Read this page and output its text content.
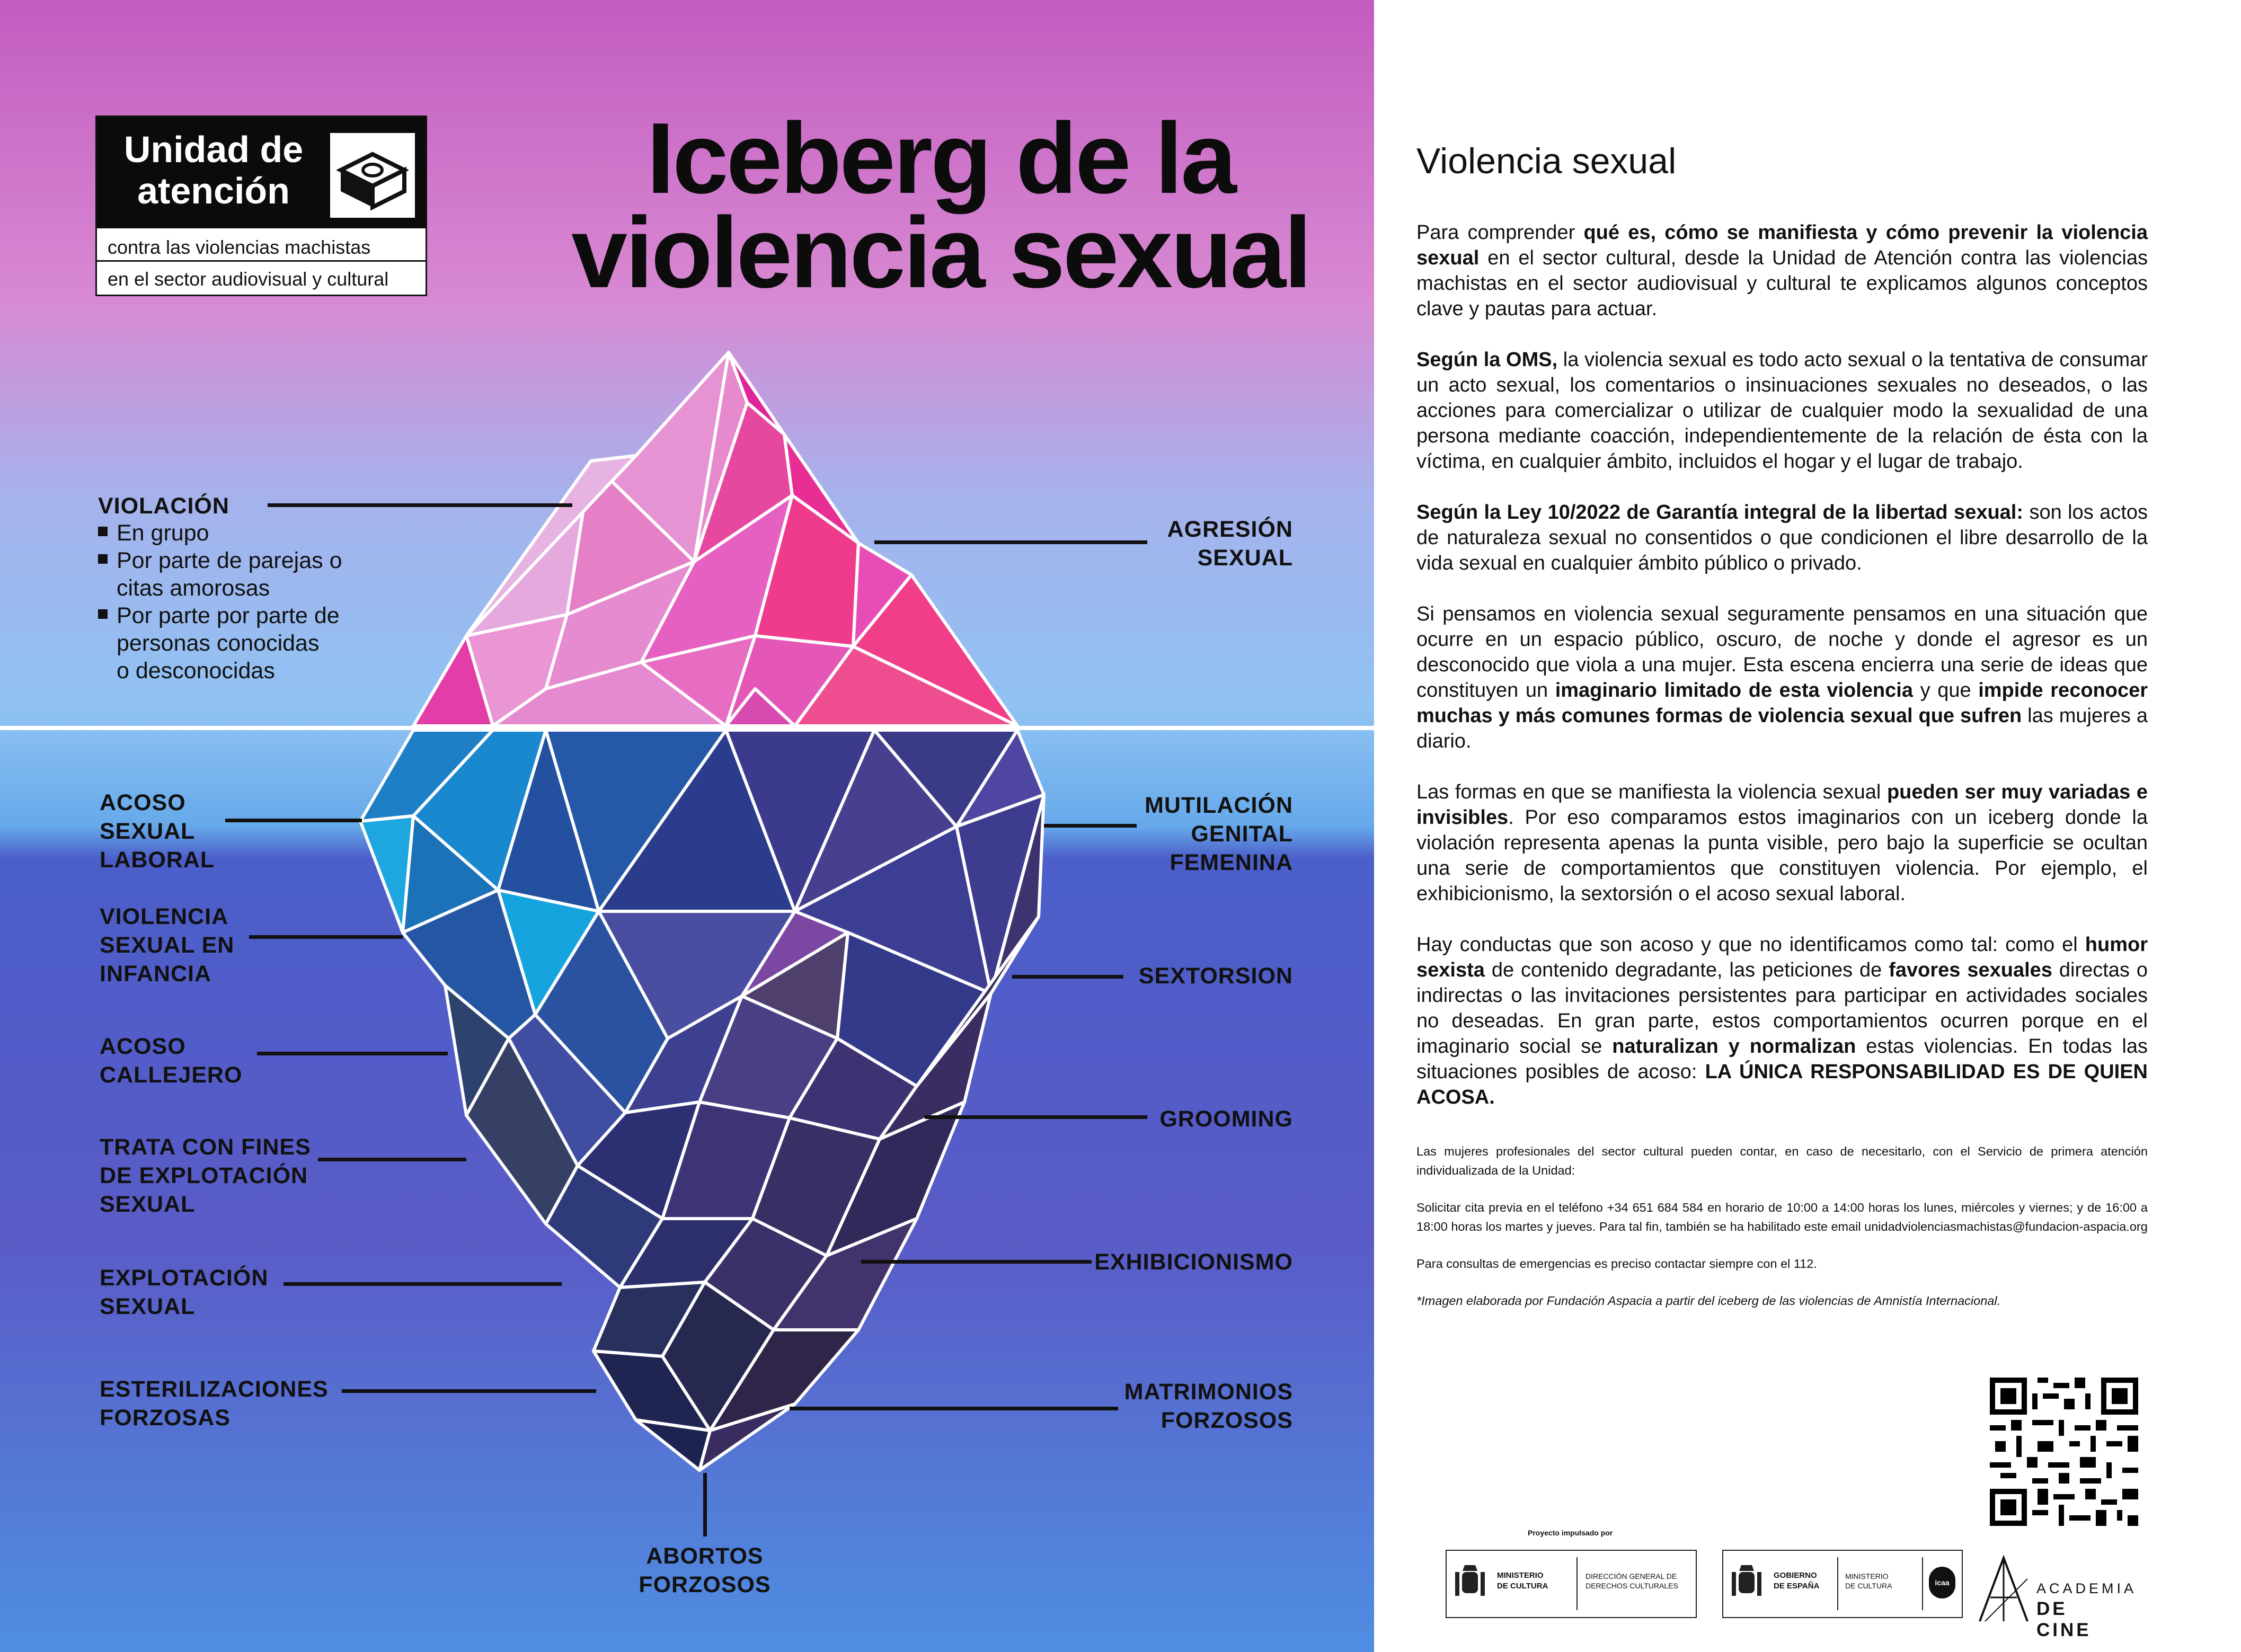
Unidad de
atención
contra las violencias machistas
en el sector audiovisual y cultural
Iceberg de la
violencia sexual
VIOLACIÓN
En grupo
Por parte de parejas o
citas amorosas
Por parte por parte de
personas conocidas
o desconocidas
AGRESIÓN
SEXUAL
ACOSO
SEXUAL
LABORAL
VIOLENCIA
SEXUAL EN
INFANCIA
ACOSO
CALLEJERO
TRATA CON FINES
DE EXPLOTACIÓN
SEXUAL
EXPLOTACIÓN
SEXUAL
ESTERILIZACIONES
FORZOSAS
MUTILACIÓN
GENITAL
FEMENINA
SEXTORSION
GROOMING
EXHIBICIONISMO
MATRIMONIOS
FORZOSOS
ABORTOS
FORZOSOS
Violencia sexual

Para comprender qué es, cómo se manifiesta y cómo prevenir la violencia sexual en el sector cultural, desde la Unidad de Atención contra las violencias machistas en el sector audiovisual y cultural te explicamos algunos conceptos clave y pautas para actuar.

Según la OMS, la violencia sexual es todo acto sexual o la tentativa de consumar un acto sexual, los comentarios o insinuaciones sexuales no deseados, o las acciones para comercializar o utilizar de cualquier modo la sexualidad de una persona mediante coacción, independientemente de la relación de ésta con la víctima, en cualquier ámbito, incluidos el hogar y el lugar de trabajo.

Según la Ley 10/2022 de Garantía integral de la libertad sexual: son los actos de naturaleza sexual no consentidos o que condicionen el libre desarrollo de la vida sexual en cualquier ámbito público o privado.

Si pensamos en violencia sexual seguramente pensamos en una situación que ocurre en un espacio público, oscuro, de noche y donde el agresor es un desconocido que viola a una mujer. Esta escena encierra una serie de ideas que constituyen un imaginario limitado de esta violencia y que impide reconocer muchas y más comunes formas de violencia sexual que sufren las mujeres a diario.

Las formas en que se manifiesta la violencia sexual pueden ser muy variadas e invisibles. Por eso comparamos estos imaginarios con un iceberg donde la violación representa apenas la punta visible, pero bajo la superficie se ocultan una serie de comportamientos que constituyen violencia. Por ejemplo, el exhibicionismo, la sextorsión o el acoso sexual laboral.

Hay conductas que son acoso y que no identificamos como tal: como el humor sexista de contenido degradante, las peticiones de favores sexuales directas o indirectas o las invitaciones persistentes para participar en actividades sociales no deseadas. En gran parte, estos comportamientos ocurren porque en el imaginario social se naturalizan y normalizan estas violencias. En todas las situaciones posibles de acoso: LA ÚNICA RESPONSABILIDAD ES DE QUIEN ACOSA.

Las mujeres profesionales del sector cultural pueden contar, en caso de necesitarlo, con el Servicio de primera atención individualizada de la Unidad:

Solicitar cita previa en el teléfono +34 651 684 584 en horario de 10:00 a 14:00 horas los lunes, miércoles y viernes; y de 16:00 a 18:00 horas los martes y jueves. Para tal fin, también se ha habilitado este email unidadviolenciasmachistas@fundacion-aspacia.org

Para consultas de emergencias es preciso contactar siempre con el 112.

*Imagen elaborada por Fundación Aspacia a partir del iceberg de las violencias de Amnistía Internacional.

Proyecto impulsado por
MINISTERIO
DE CULTURA
DIRECCIÓN GENERAL DE
DERECHOS CULTURALES
GOBIERNO
DE ESPAÑA
MINISTERIO
DE CULTURA	icaa	ACADEMIA
DE CINE
